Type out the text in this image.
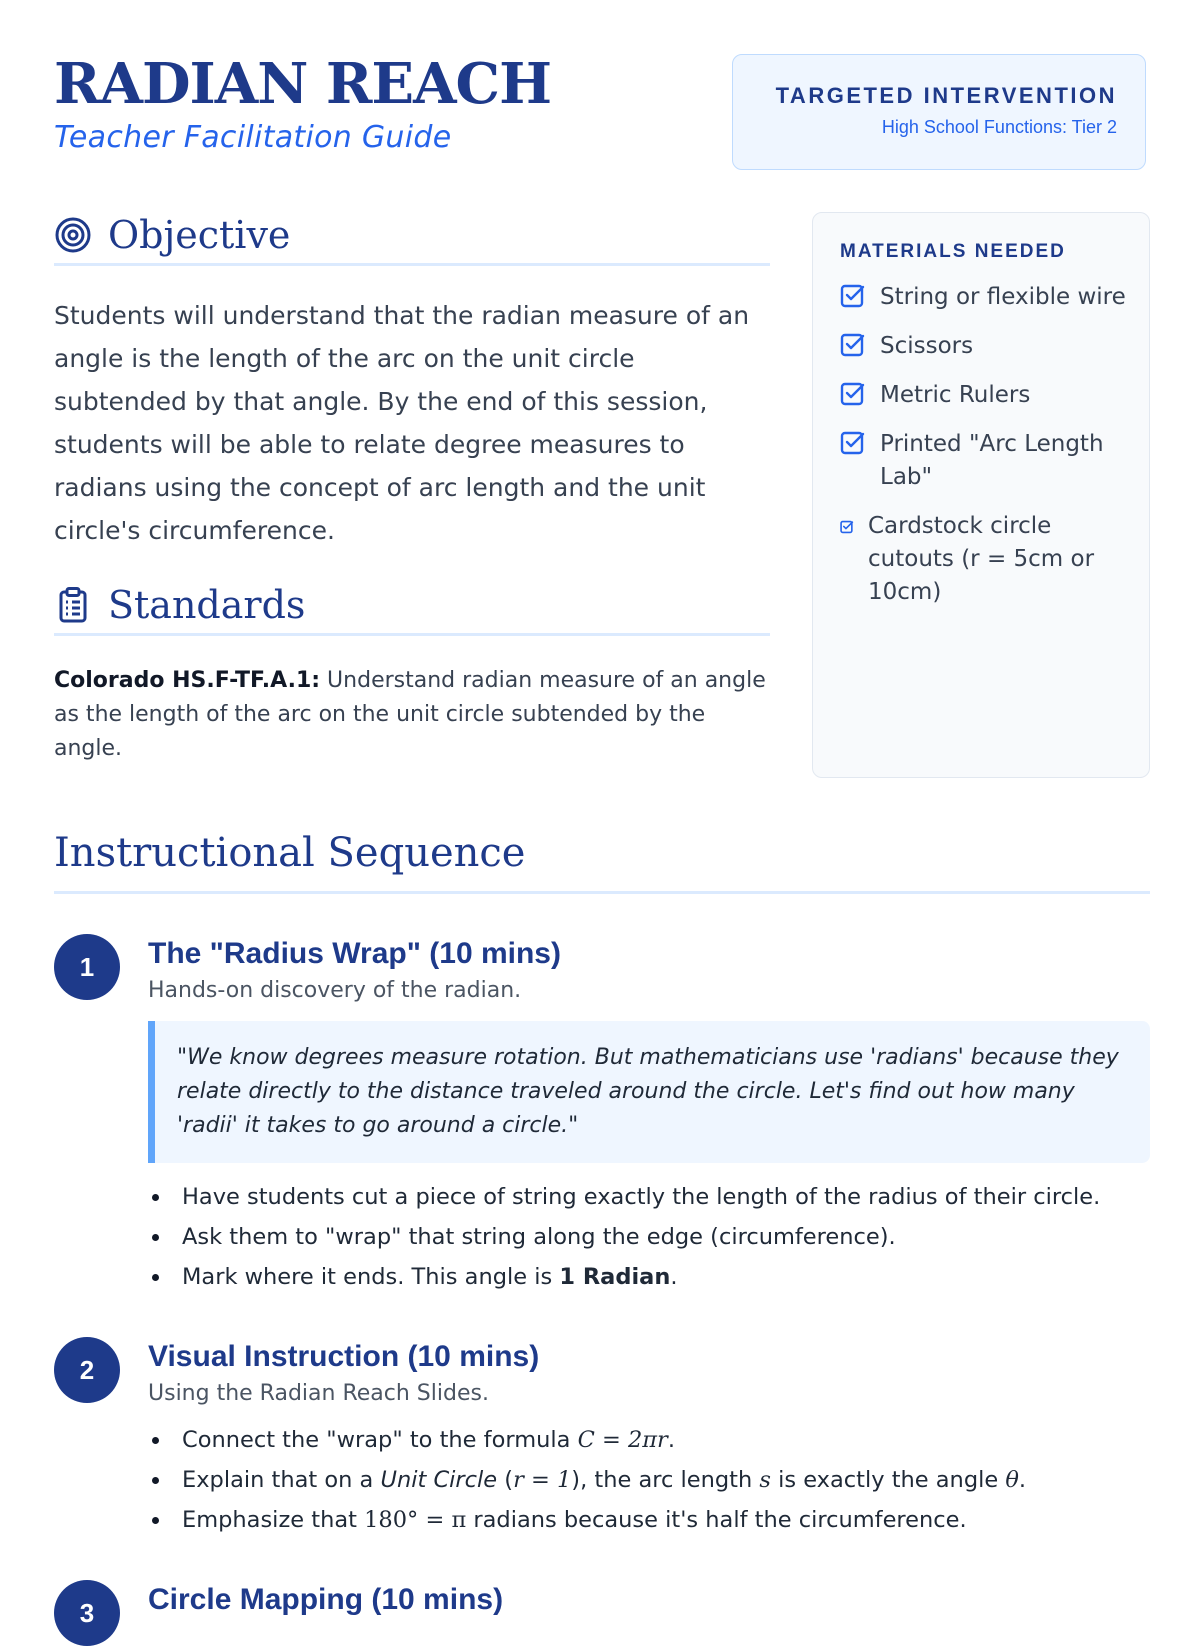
RADIAN REACH
Teacher Facilitation Guide
TARGETED INTERVENTION
High School Functions: Tier 2
Objective

Students will understand that the radian measure of an angle is the length of the arc on the unit circle subtended by that angle. By the end of this session, students will be able to relate degree measures to radians using the concept of arc length and the unit circle's circumference.

Standards

Colorado HS.F-TF.A.1: Understand radian measure of an angle as the length of the arc on the unit circle subtended by the angle.

MATERIALS NEEDED
String or flexible wire
Scissors
Metric Rulers
Printed "Arc Length Lab"
Cardstock circle cutouts (r = 5cm or 10cm)
Instructional Sequence
1	The "Radius Wrap" (10 mins)
Hands-on discovery of the radian.
"We know degrees measure rotation. But mathematicians use 'radians' because they relate directly to the distance traveled around the circle. Let's find out how many 'radii' it takes to go around a circle."
Have students cut a piece of string exactly the length of the radius of their circle.
Ask them to "wrap" that string along the edge (circumference).
Mark where it ends. This angle is 1 Radian.
2	Visual Instruction (10 mins)
Using the Radian Reach Slides.
Connect the "wrap" to the formula C = 2πr.
Explain that on a Unit Circle (r = 1), the arc length s is exactly the angle θ.
Emphasize that 180° = π radians because it's half the circumference.
3	Circle Mapping (10 mins)
